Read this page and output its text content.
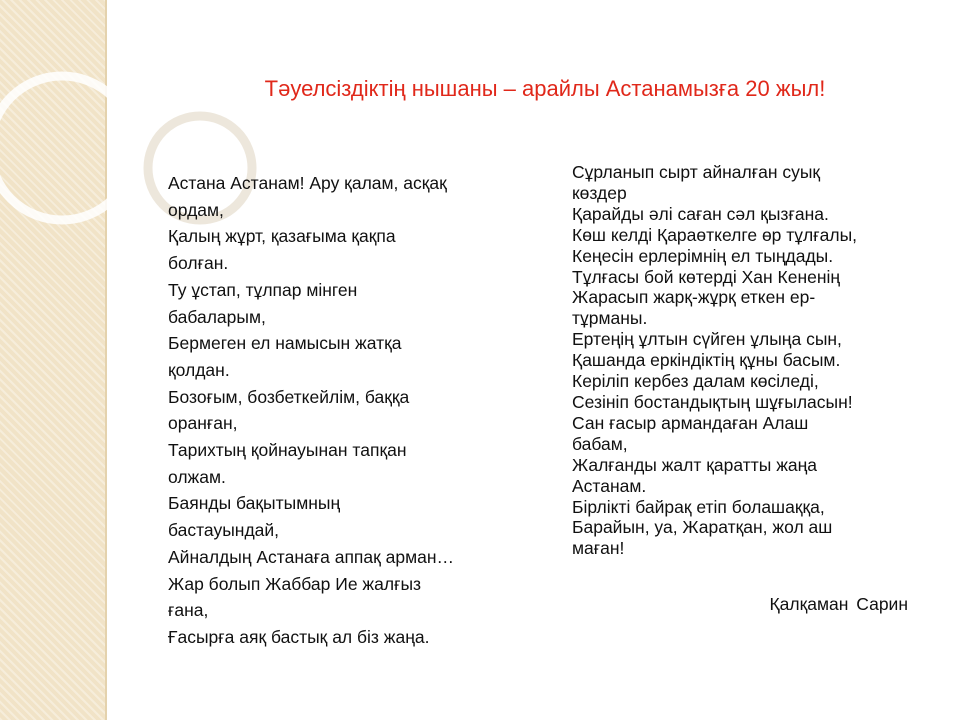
Тәуелсіздіктің нышаны – арайлы Астанамызға 20 жыл!
Астана Астанам! Ару қалам, асқақ
ордам,
Қалың жұрт, қазағыма қақпа
болған.
Ту ұстап, тұлпар мінген
бабаларым,
Бермеген ел намысын жатқа
қолдан.
Бозоғым, бозбеткейлім, баққа
оранған,
Тарихтың қойнауынан тапқан
олжам.
Баянды бақытымның
бастауындай,
Айналдың Астанаға аппақ арман…
Жар болып Жаббар Ие жалғыз
ғана,
Ғасырға аяқ бастық ал біз жаңа.
Сұрланып сырт айналған суық
көздер
Қарайды әлі саған сәл қызғана.
Көш келді Қараөткелге өр тұлғалы,
Кеңесін ерлерімнің ел тыңдады.
Тұлғасы бой көтерді Хан Кененің
Жарасып жарқ-жұрқ еткен ер-
тұрманы.
Ертеңің ұлтын сүйген ұлыңа сын,
Қашанда еркіндіктің құны басым.
Керіліп кербез далам көсіледі,
Сезініп бостандықтың шұғыласын!
Сан ғасыр армандаған Алаш
бабам,
Жалғанды жалт қаратты жаңа
Астанам.
Бірлікті байрақ етіп болашаққа,
Барайын, уа, Жаратқан, жол аш
маған!
Қалқаман Сарин
